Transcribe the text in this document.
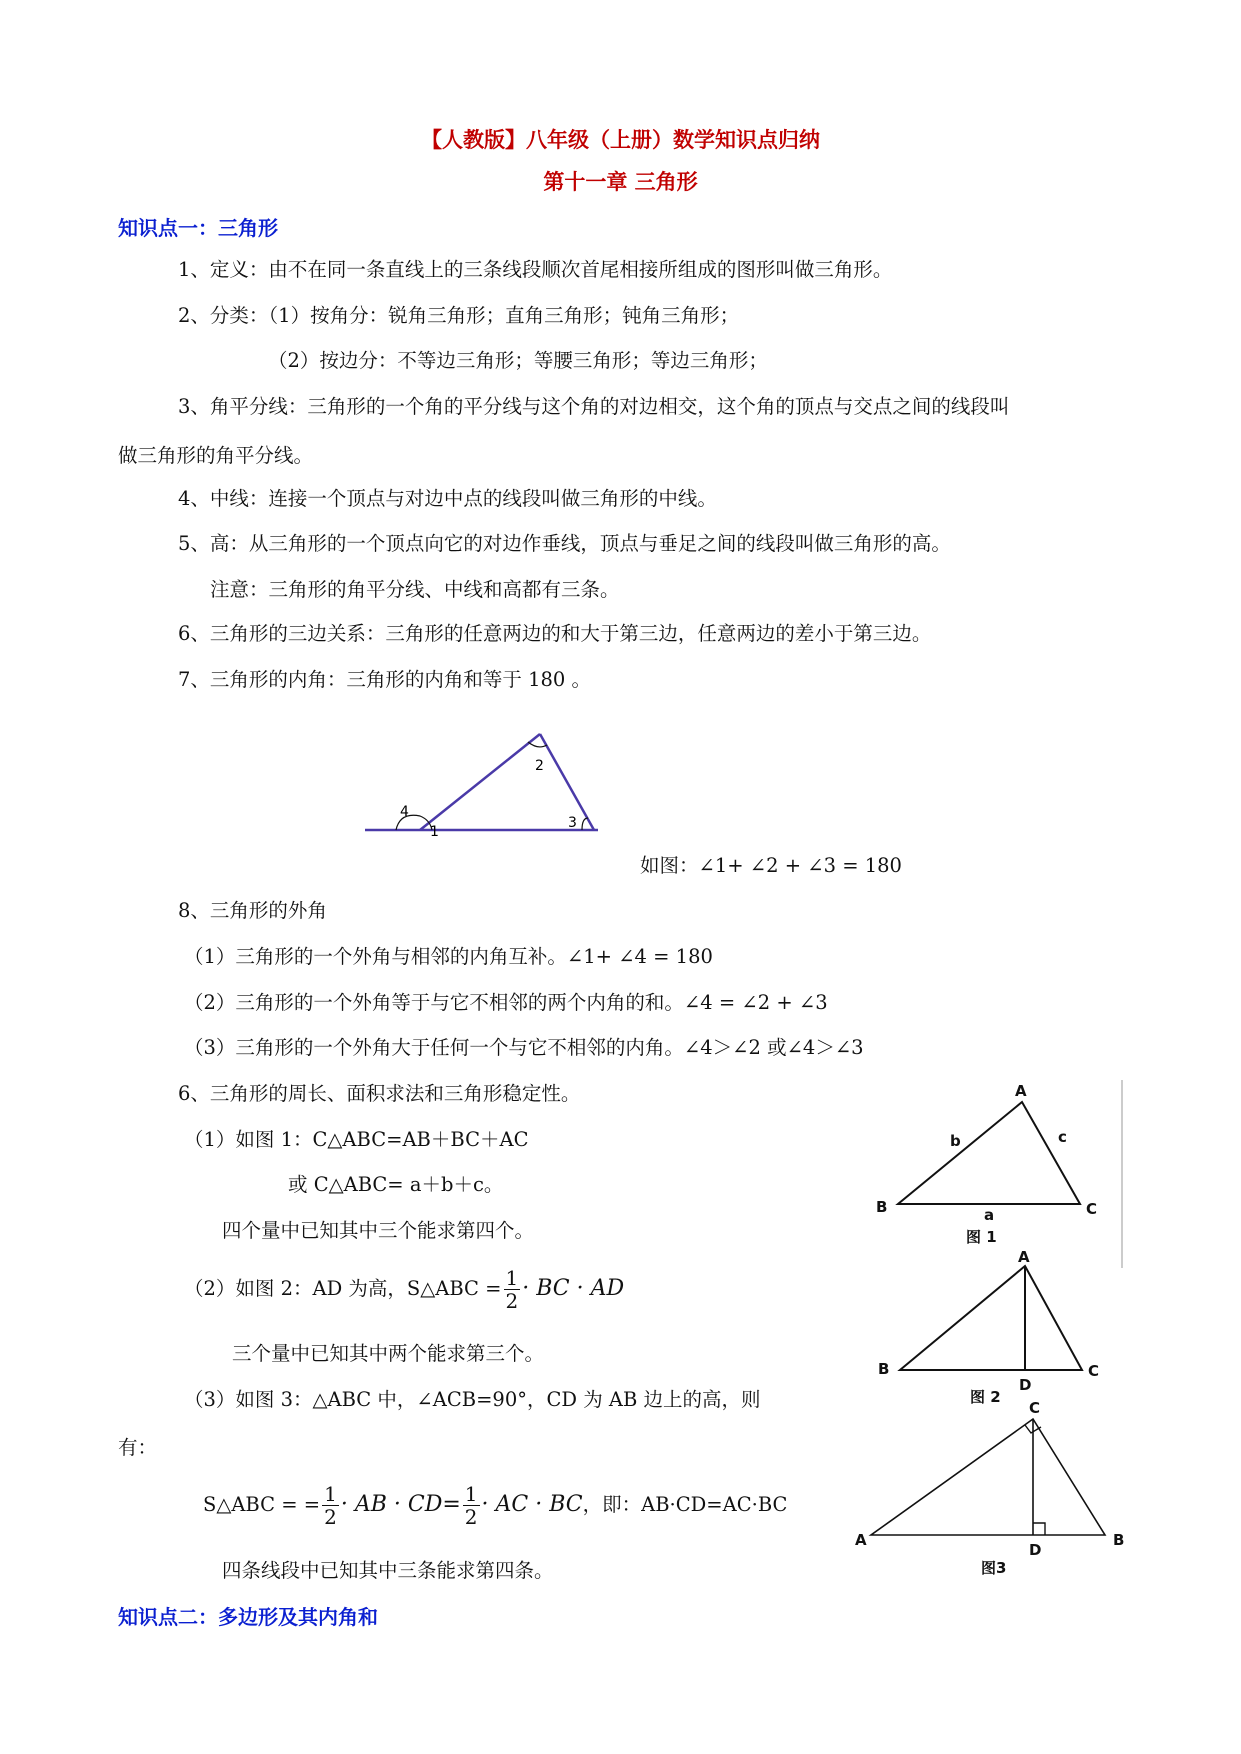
【人教版】八年级（上册）数学知识点归纳
第十一章 三角形
知识点一：三角形
1、定义：由不在同一条直线上的三条线段顺次首尾相接所组成的图形叫做三角形。
2、分类：（1）按角分：锐角三角形；直角三角形；钝角三角形；
（2）按边分：不等边三角形；等腰三角形；等边三角形；
3、角平分线：三角形的一个角的平分线与这个角的对边相交，这个角的顶点与交点之间的线段叫
做三角形的角平分线。
4、中线：连接一个顶点与对边中点的线段叫做三角形的中线。
5、高：从三角形的一个顶点向它的对边作垂线，顶点与垂足之间的线段叫做三角形的高。
注意：三角形的角平分线、中线和高都有三条。
6、三角形的三边关系：三角形的任意两边的和大于第三边，任意两边的差小于第三边。
7、三角形的内角：三角形的内角和等于 180 。
2
3
4
1
如图：∠1+ ∠2 + ∠3 = 180
8、三角形的外角
（1）三角形的一个外角与相邻的内角互补。∠1+ ∠4 = 180
（2）三角形的一个外角等于与它不相邻的两个内角的和。∠4 = ∠2 + ∠3
（3）三角形的一个外角大于任何一个与它不相邻的内角。∠4＞∠2 或∠4＞∠3
6、三角形的周长、面积求法和三角形稳定性。
（1）如图 1：C△ABC=AB＋BC＋AC
或 C△ABC= a＋b＋c。
四个量中已知其中三个能求第四个。
（2）如图 2：AD 为高，S△ABC = $\frac{1}{2}$ · BC · AD
三个量中已知其中两个能求第三个。
（3）如图 3：△ABC 中，∠ACB=90°，CD 为 AB 边上的高，则
有：
S△ABC = = $\frac{1}{2}$ · AB · $CD= \frac{1}{2}$ · AC · BC，即：AB·CD=AC·BC
四条线段中已知其中三条能求第四条。
知识点二：多边形及其内角和
A
B	C
b	c
a
图 1
A
B	C
D
图 2
C
A	B
D
图3
